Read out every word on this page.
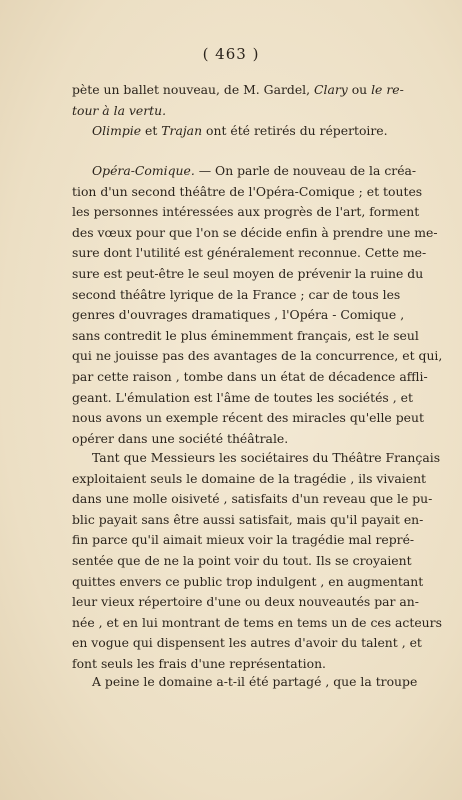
( 463 )
pète un ballet nouveau, de M. Gardel, Clary ou le re-
tour à la vertu.
Olimpie et Trajan ont été retirés du répertoire.
Opéra-Comique. — On parle de nouveau de la créa-
tion d'un second théâtre de l'Opéra-Comique ; et toutes
les personnes intéressées aux progrès de l'art, forment
des vœux pour que l'on se décide enfin à prendre une me-
sure dont l'utilité est généralement reconnue. Cette me-
sure est peut-être le seul moyen de prévenir la ruine du
second théâtre lyrique de la France ; car de tous les
genres d'ouvrages dramatiques , l'Opéra - Comique ,
sans contredit le plus éminemment français, est le seul
qui ne jouisse pas des avantages de la concurrence, et qui,
par cette raison , tombe dans un état de décadence affli-
geant. L'émulation est l'âme de toutes les sociétés , et
nous avons un exemple récent des miracles qu'elle peut
opérer dans une société théâtrale.
Tant que Messieurs les sociétaires du Théâtre Français
exploitaient seuls le domaine de la tragédie , ils vivaient
dans une molle oisiveté , satisfaits d'un reveau que le pu-
blic payait sans être aussi satisfait, mais qu'il payait en-
fin parce qu'il aimait mieux voir la tragédie mal repré-
sentée que de ne la point voir du tout. Ils se croyaient
quittes envers ce public trop indulgent , en augmentant
leur vieux répertoire d'une ou deux nouveautés par an-
née , et en lui montrant de tems en tems un de ces acteurs
en vogue qui dispensent les autres d'avoir du talent , et
font seuls les frais d'une représentation.
A peine le domaine a-t-il été partagé , que la troupe
